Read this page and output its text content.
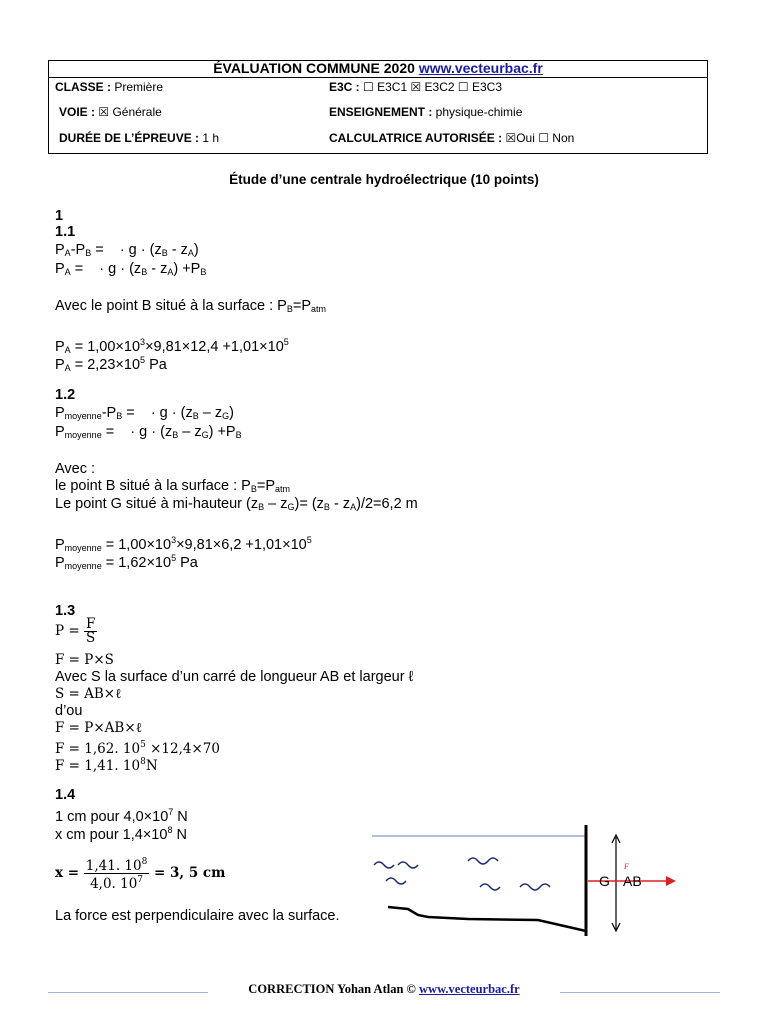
ÉVALUATION COMMUNE 2020 www.vecteurbac.fr
CLASSE : Première	E3C : ☐ E3C1 ☒ E3C2 ☐ E3C3
VOIE : ☒ Générale	ENSEIGNEMENT : physique-chimie
DURÉE DE L’ÉPREUVE : 1 h	CALCULATRICE AUTORISÉE : ☒Oui ☐ Non
Étude d’une centrale hydroélectrique (10 points)
1
1.1
$P_A-P_B$ =    · $g \cdot (z_B - z_A)$
$P_A$ =    · $g \cdot (z_B - z_A) +P_B$
Avec le point B situé à la surface : $P_B=P_{atm}$
$P_A = 1,00\times 10^3\times 9,81\times 12,4 +1,01\times 10^5$
$P_A = 2,23\times 10^5$ Pa
1.2
$P_{moyenne}-P_B$ =    · $g \cdot (z_B - z_G)$
$P_{moyenne}$ =    · $g \cdot (z_B - z_G) +P_B$
Avec :
le point B situé à la surface : $P_B=P_{atm}$
Le point G situé à mi-hauteur $(z_B - z_G)= (z_B - z_A)/2=6,2$ m
$P_{moyenne} = 1,00\times 10^3\times 9,81\times 6,2 +1,01\times 10^5$
$P_{moyenne} = 1,62\times 10^5$ Pa
1.3
$P = \frac{F}{S}$
F = P×S
Avec S la surface d’un carré de longueur AB et largeur ℓ
S = AB×ℓ
d’ou
F = P×AB×ℓ
F = 1,62. $10^5 \times 12,4\times 70$
F = 1,41. $10^8N$
1.4
1 cm pour $4,0\times 10^7$ N
x cm pour $1,4\times 10^8$ N
$x = \frac{1,41. 10^8}{4,0. 10^7} = 3$, 5 cm
La force est perpendiculaire avec la surface.
G AB
F
CORRECTION Yohan Atlan © www.vecteurbac.fr
